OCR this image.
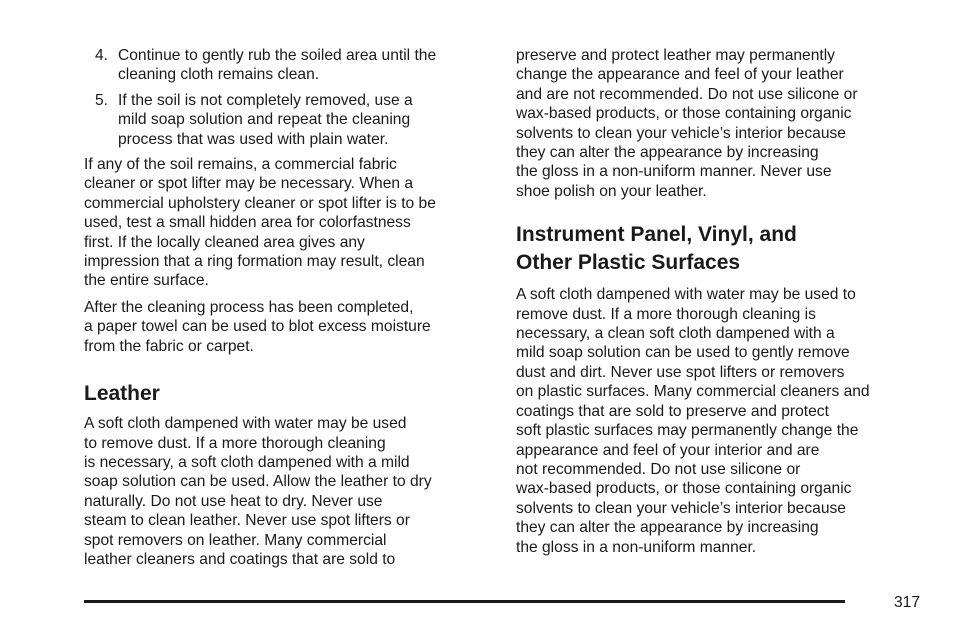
4. Continue to gently rub the soiled area until the
cleaning cloth remains clean.
5. If the soil is not completely removed, use a
mild soap solution and repeat the cleaning
process that was used with plain water.
If any of the soil remains, a commercial fabric
cleaner or spot lifter may be necessary. When a
commercial upholstery cleaner or spot lifter is to be
used, test a small hidden area for colorfastness
first. If the locally cleaned area gives any
impression that a ring formation may result, clean
the entire surface.
After the cleaning process has been completed,
a paper towel can be used to blot excess moisture
from the fabric or carpet.
Leather
A soft cloth dampened with water may be used
to remove dust. If a more thorough cleaning
is necessary, a soft cloth dampened with a mild
soap solution can be used. Allow the leather to dry
naturally. Do not use heat to dry. Never use
steam to clean leather. Never use spot lifters or
spot removers on leather. Many commercial
leather cleaners and coatings that are sold to
preserve and protect leather may permanently
change the appearance and feel of your leather
and are not recommended. Do not use silicone or
wax-based products, or those containing organic
solvents to clean your vehicle’s interior because
they can alter the appearance by increasing
the gloss in a non-uniform manner. Never use
shoe polish on your leather.
Instrument Panel, Vinyl, and
Other Plastic Surfaces
A soft cloth dampened with water may be used to
remove dust. If a more thorough cleaning is
necessary, a clean soft cloth dampened with a
mild soap solution can be used to gently remove
dust and dirt. Never use spot lifters or removers
on plastic surfaces. Many commercial cleaners and
coatings that are sold to preserve and protect
soft plastic surfaces may permanently change the
appearance and feel of your interior and are
not recommended. Do not use silicone or
wax-based products, or those containing organic
solvents to clean your vehicle’s interior because
they can alter the appearance by increasing
the gloss in a non-uniform manner.
317
